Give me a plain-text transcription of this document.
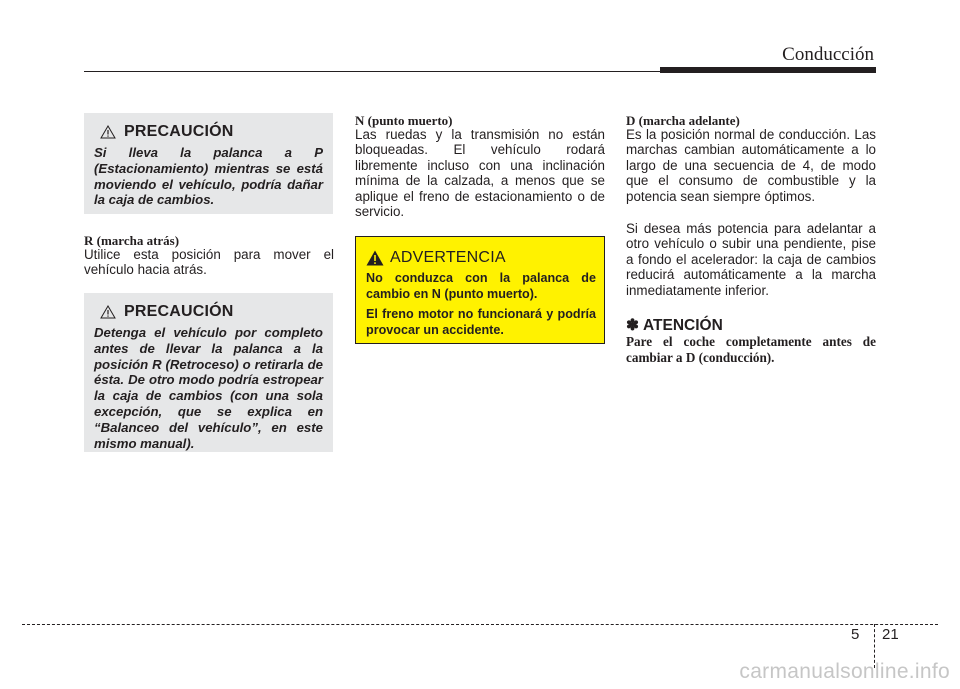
Conducción
PRECAUCIÓN
Si lleva la palanca a P (Estacionamiento) mientras se está moviendo el vehículo, podría dañar la caja de cambios.
R (marcha atrás)
Utilice esta posición para mover el vehículo hacia atrás.
PRECAUCIÓN
Detenga el vehículo por completo antes de llevar la palanca a la posición R (Retroceso) o retirarla de ésta. De otro modo podría estropear la caja de cambios (con una sola excepción, que se explica en “Balanceo del vehículo”, en este mismo manual).
N (punto muerto)
Las ruedas y la transmisión no están bloqueadas. El vehículo rodará libremente incluso con una inclinación mínima de la calzada, a menos que se aplique el freno de estacionamiento o de servicio.
ADVERTENCIA
No conduzca con la palanca de cambio en N (punto muerto).
El freno motor no funcionará y podría provocar un accidente.
D (marcha adelante)
Es la posición normal de conducción. Las marchas cambian automáticamente a lo largo de una secuencia de 4, de modo que el consumo de combustible y la potencia sean siempre óptimos.
Si desea más potencia para adelantar a otro vehículo o subir una pendiente, pise a fondo el acelerador: la caja de cambios reducirá automáticamente a la marcha inmediatamente inferior.
✽ ATENCIÓN
Pare el coche completamente antes de cambiar a D (conducción).
5 21
carmanualsonline.info
